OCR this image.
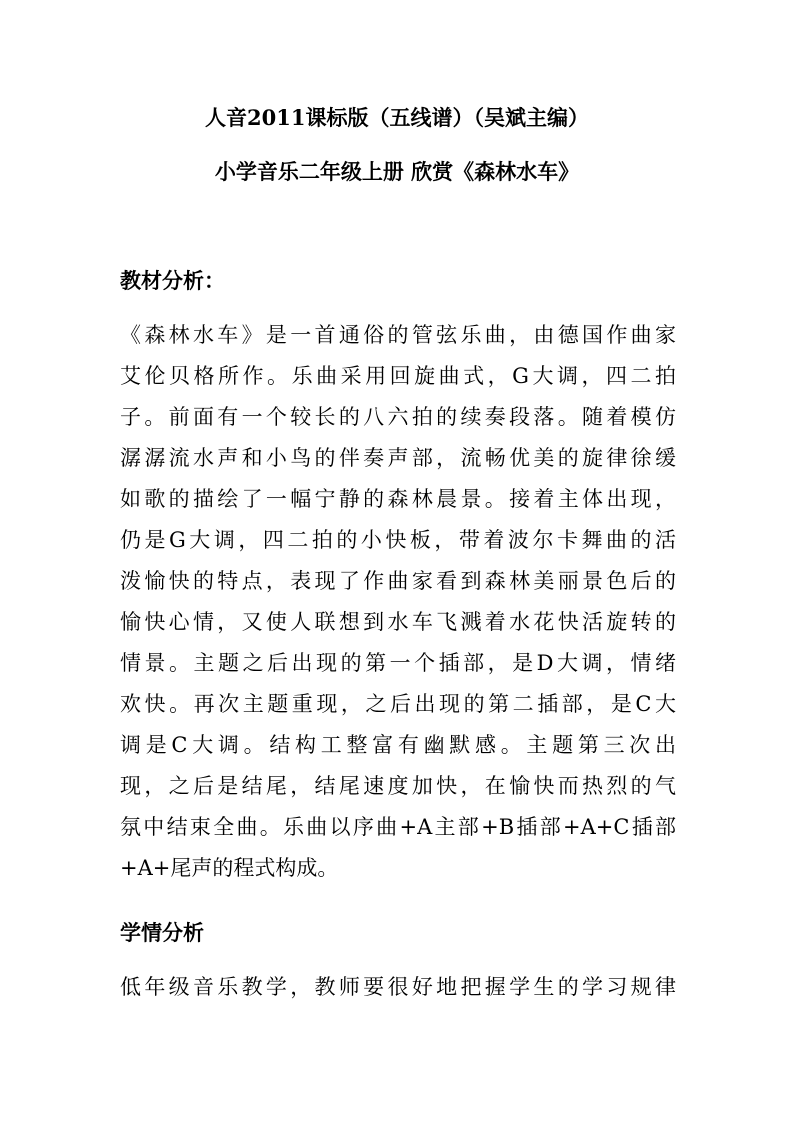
人音2011课标版（五线谱）（吴斌主编）
小学音乐二年级上册 欣赏《森林水车》
教材分析：

《森林水车》是一首通俗的管弦乐曲，由德国作曲家
艾伦贝格所作。乐曲采用回旋曲式，G大调，四二拍
子。前面有一个较长的八六拍的续奏段落。随着模仿
潺潺流水声和小鸟的伴奏声部，流畅优美的旋律徐缓
如歌的描绘了一幅宁静的森林晨景。接着主体出现，
仍是G大调，四二拍的小快板，带着波尔卡舞曲的活
泼愉快的特点，表现了作曲家看到森林美丽景色后的
愉快心情，又使人联想到水车飞溅着水花快活旋转的
情景。主题之后出现的第一个插部，是D大调，情绪
欢快。再次主题重现，之后出现的第二插部，是C大
调是C大调。结构工整富有幽默感。主题第三次出
现，之后是结尾，结尾速度加快，在愉快而热烈的气
氛中结束全曲。乐曲以序曲+A主部+B插部+A+C插部
+A+尾声的程式构成。

学情分析

低年级音乐教学，教师要很好地把握学生的学习规律
